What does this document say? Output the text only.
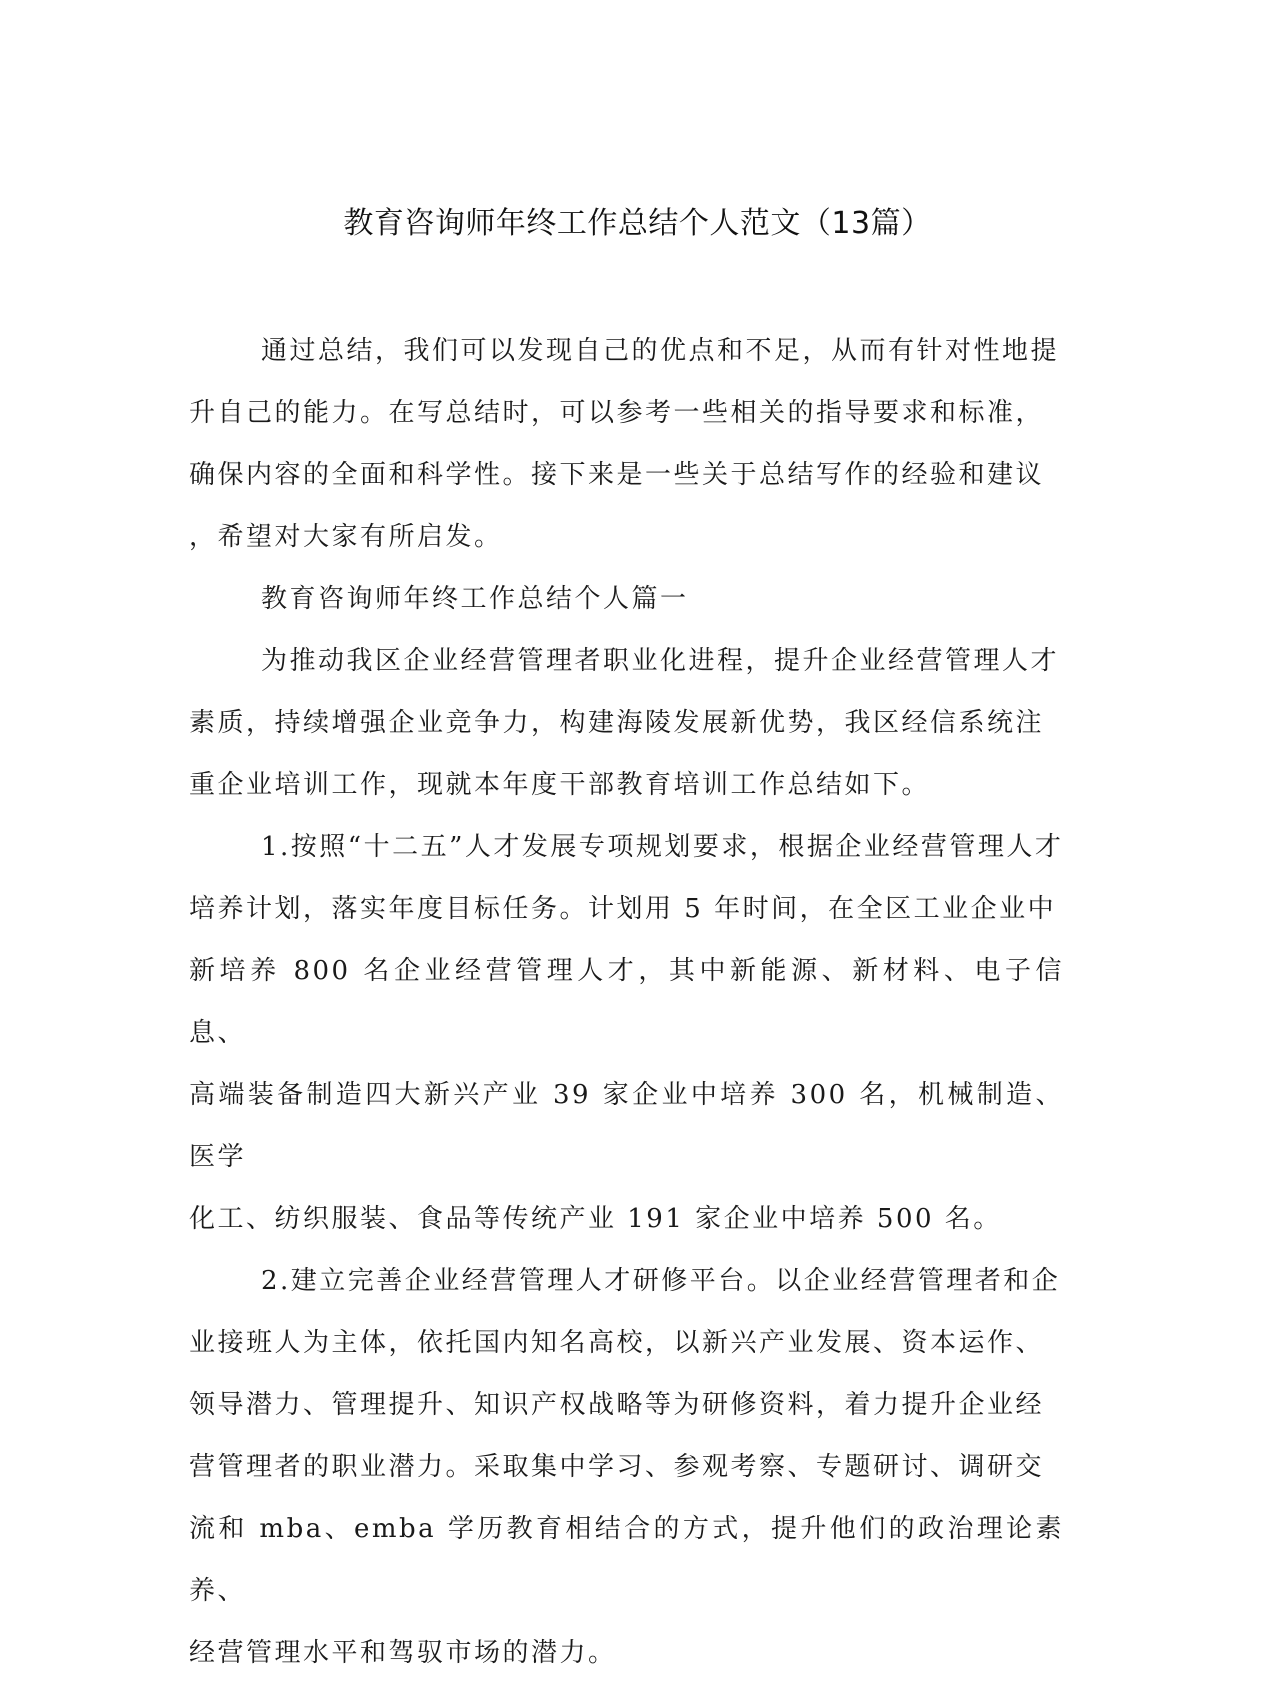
教育咨询师年终工作总结个人范文（13篇）

通过总结，我们可以发现自己的优点和不足，从而有针对性地提
升自己的能力。在写总结时，可以参考一些相关的指导要求和标准，
确保内容的全面和科学性。接下来是一些关于总结写作的经验和建议
，希望对大家有所启发。

教育咨询师年终工作总结个人篇一

为推动我区企业经营管理者职业化进程，提升企业经营管理人才
素质，持续增强企业竞争力，构建海陵发展新优势，我区经信系统注
重企业培训工作，现就本年度干部教育培训工作总结如下。

1.按照“十二五”人才发展专项规划要求，根据企业经营管理人才
培养计划，落实年度目标任务。计划用 5 年时间，在全区工业企业中
新培养 800 名企业经营管理人才，其中新能源、新材料、电子信息、
高端装备制造四大新兴产业 39 家企业中培养 300 名，机械制造、医学
化工、纺织服装、食品等传统产业 191 家企业中培养 500 名。

2.建立完善企业经营管理人才研修平台。以企业经营管理者和企
业接班人为主体，依托国内知名高校，以新兴产业发展、资本运作、
领导潜力、管理提升、知识产权战略等为研修资料，着力提升企业经
营管理者的职业潜力。采取集中学习、参观考察、专题研讨、调研交
流和 mba、emba 学历教育相结合的方式，提升他们的政治理论素养、
经营管理水平和驾驭市场的潜力。
